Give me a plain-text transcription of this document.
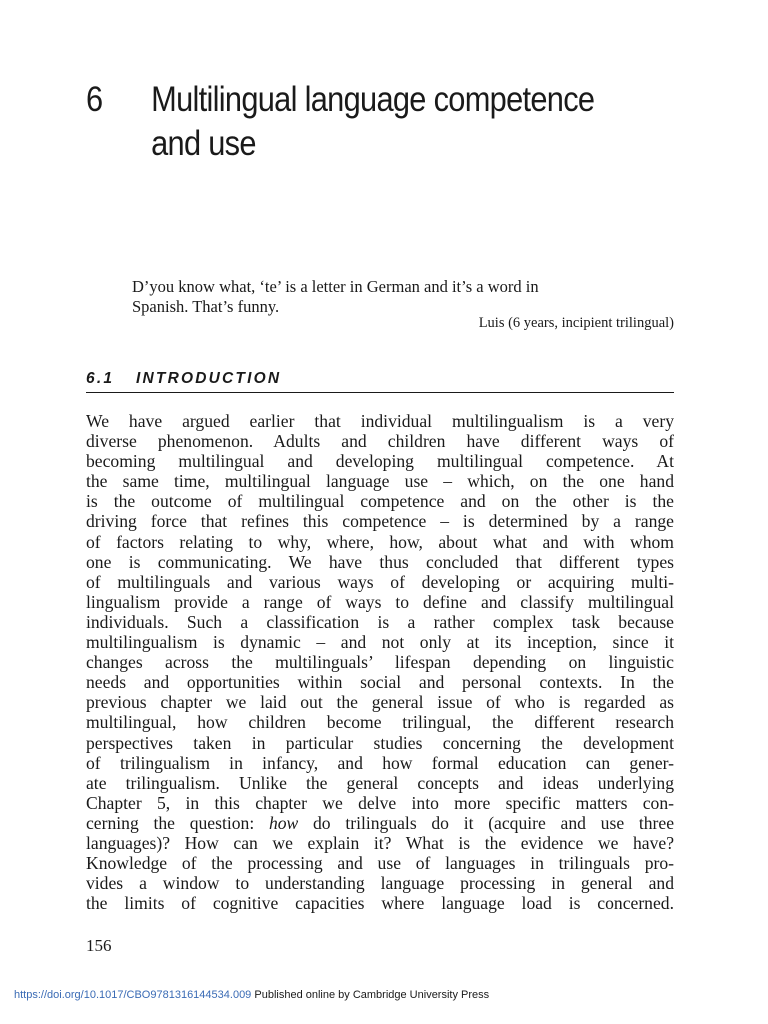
6 Multilingual language competence
and use
D’you know what, ‘te’ is a letter in German and it’s a word in
Spanish. That’s funny.
Luis (6 years, incipient trilingual)
6.1 INTRODUCTION
We have argued earlier that individual multilingualism is a very
diverse phenomenon. Adults and children have different ways of
becoming multilingual and developing multilingual competence. At
the same time, multilingual language use – which, on the one hand
is the outcome of multilingual competence and on the other is the
driving force that refines this competence – is determined by a range
of factors relating to why, where, how, about what and with whom
one is communicating. We have thus concluded that different types
of multilinguals and various ways of developing or acquiring multi-
lingualism provide a range of ways to define and classify multilingual
individuals. Such a classification is a rather complex task because
multilingualism is dynamic – and not only at its inception, since it
changes across the multilinguals’ lifespan depending on linguistic
needs and opportunities within social and personal contexts. In the
previous chapter we laid out the general issue of who is regarded as
multilingual, how children become trilingual, the different research
perspectives taken in particular studies concerning the development
of trilingualism in infancy, and how formal education can gener-
ate trilingualism. Unlike the general concepts and ideas underlying
Chapter 5, in this chapter we delve into more specific matters con-
cerning the question: how do trilinguals do it (acquire and use three
languages)? How can we explain it? What is the evidence we have?
Knowledge of the processing and use of languages in trilinguals pro-
vides a window to understanding language processing in general and
the limits of cognitive capacities where language load is concerned.
156
https://doi.org/10.1017/CBO9781316144534.009 Published online by Cambridge University Press
